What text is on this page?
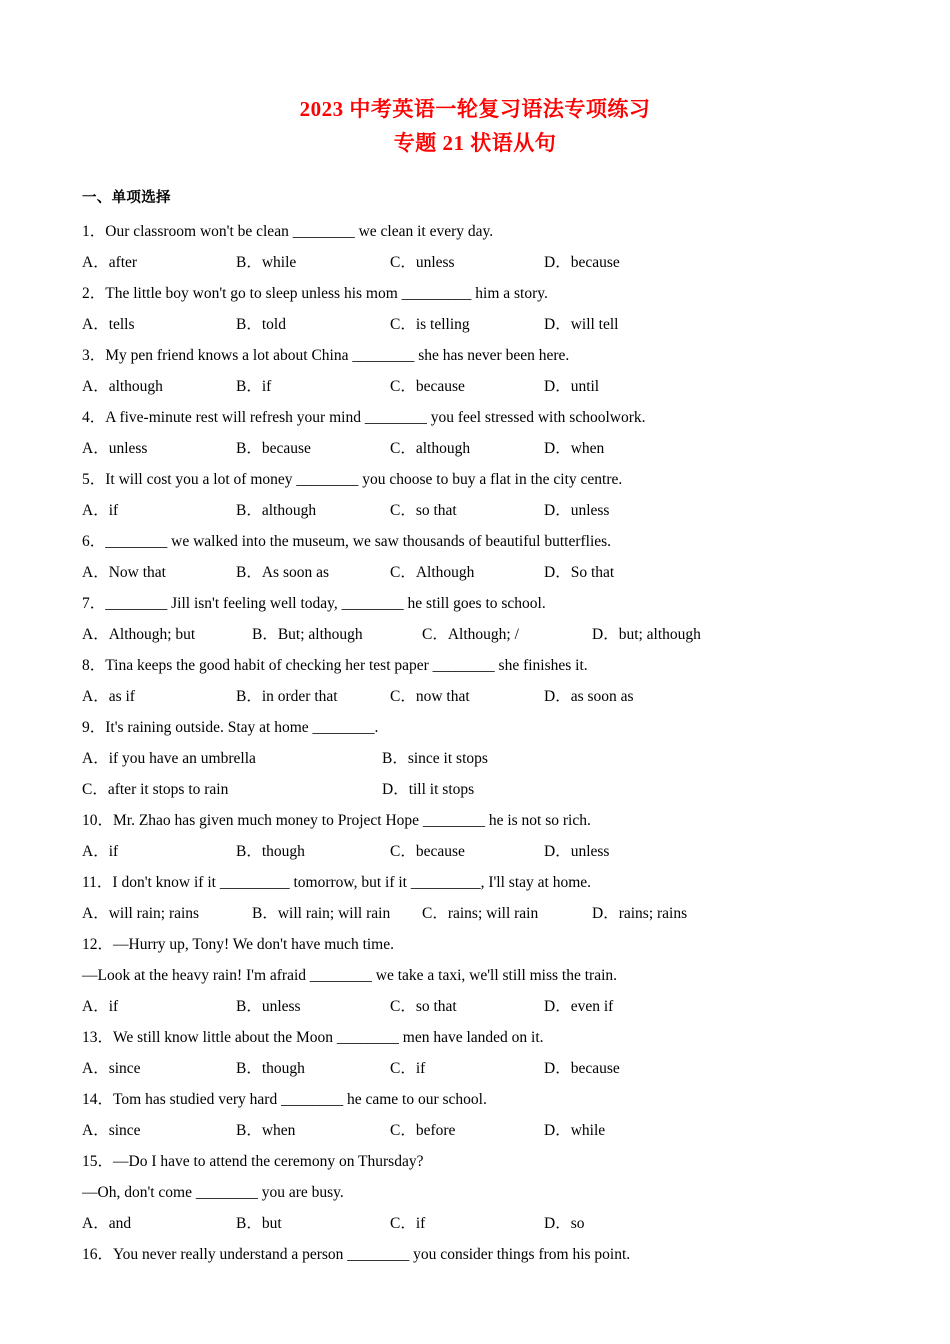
2023 中考英语一轮复习语法专项练习
专题 21 状语从句
一、单项选择
1．Our classroom won't be clean ________ we clean it every day.
A．after	B．while	C．unless	D．because
2．The little boy won't go to sleep unless his mom _________ him a story.
A．tells	B．told	C．is telling	D．will tell
3．My pen friend knows a lot about China ________ she has never been here.
A．although	B．if	C．because	D．until
4．A five-minute rest will refresh your mind ________ you feel stressed with schoolwork.
A．unless	B．because	C．although	D．when
5．It will cost you a lot of money ________ you choose to buy a flat in the city centre.
A．if	B．although	C．so that	D．unless
6．________ we walked into the museum, we saw thousands of beautiful butterflies.
A．Now that	B．As soon as	C．Although	D．So that
7．________ Jill isn't feeling well today, ________ he still goes to school.
A．Although; but	B．But; although	C．Although; /	D．but; although
8．Tina keeps the good habit of checking her test paper ________ she finishes it.
A．as if	B．in order that	C．now that	D．as soon as
9．It's raining outside. Stay at home ________.
A．if you have an umbrella	B．since it stops
C．after it stops to rain	D．till it stops
10．Mr. Zhao has given much money to Project Hope ________ he is not so rich.
A．if	B．though	C．because	D．unless
11．I don't know if it _________ tomorrow, but if it _________, I'll stay at home.
A．will rain; rains	B．will rain; will rain	C．rains; will rain	D．rains; rains
12．—Hurry up, Tony! We don't have much time.
—Look at the heavy rain! I'm afraid ________ we take a taxi, we'll still miss the train.
A．if	B．unless	C．so that	D．even if
13．We still know little about the Moon ________ men have landed on it.
A．since	B．though	C．if	D．because
14．Tom has studied very hard ________ he came to our school.
A．since	B．when	C．before	D．while
15．—Do I have to attend the ceremony on Thursday?
—Oh, don't come ________ you are busy.
A．and	B．but	C．if	D．so
16．You never really understand a person ________ you consider things from his point.
